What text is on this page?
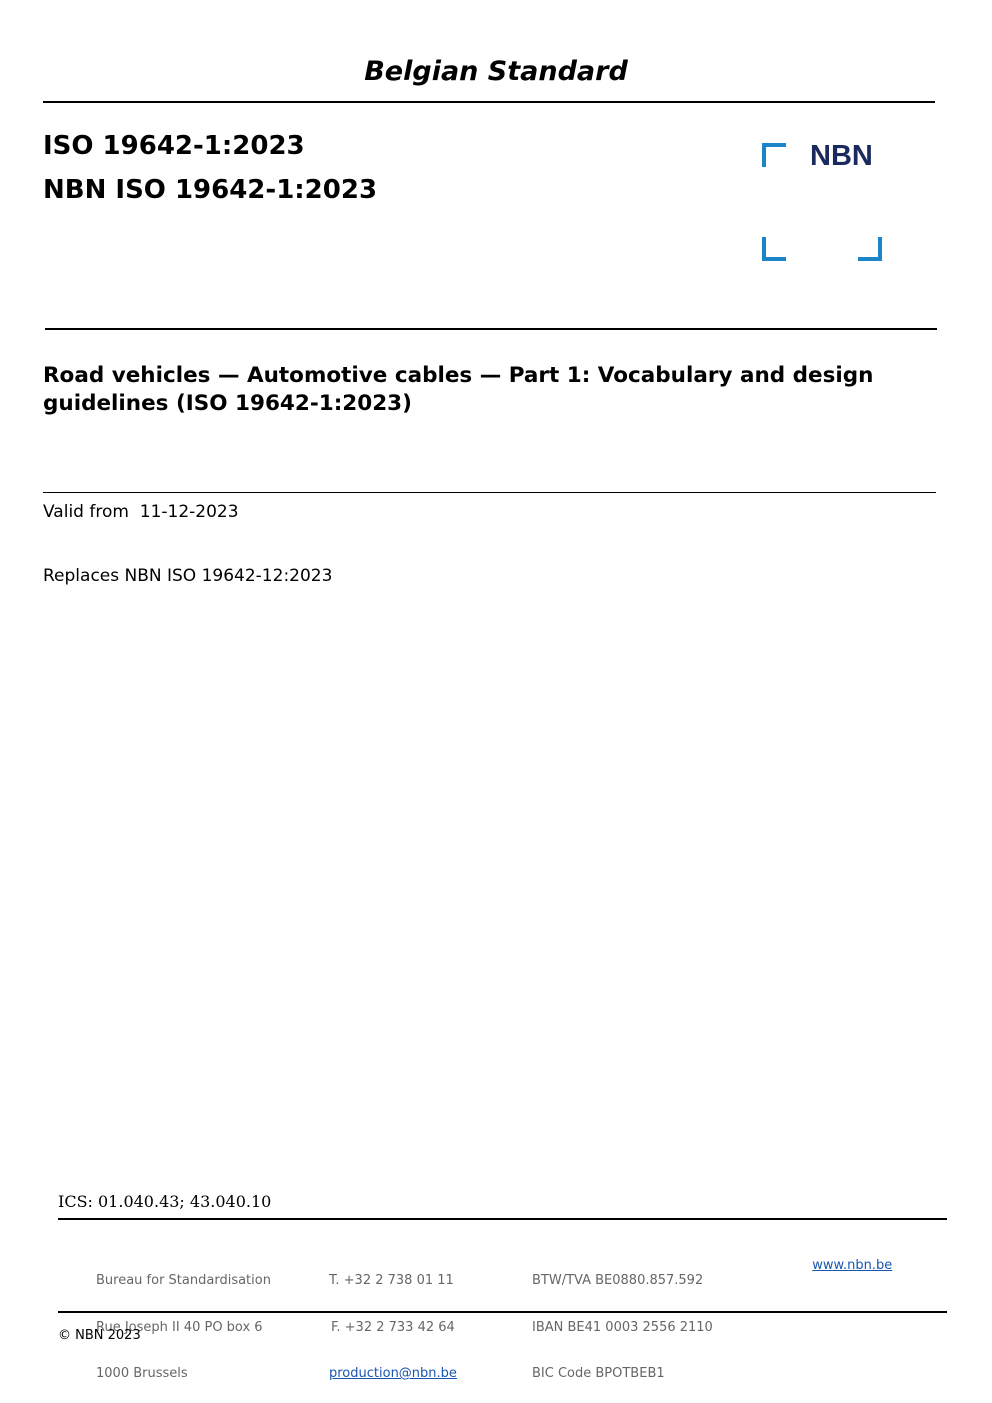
Belgian Standard
ISO 19642-1:2023
NBN ISO 19642-1:2023
NBN
Road vehicles — Automotive cables — Part 1: Vocabulary and design guidelines (ISO 19642-1:2023)
Valid from 11-12-2023
Replaces NBN ISO 19642-12:2023
ICS: 01.040.43; 43.040.10

Bureau for Standardisation

Rue Joseph II 40 PO box 6

1000 Brussels

T. +32 2 738 01 11

F. +32 2 733 42 64

production@nbn.be

BTW/TVA BE0880.857.592

IBAN BE41 0003 2556 2110

BIC Code BPOTBEB1

www.nbn.be

© NBN 2023
